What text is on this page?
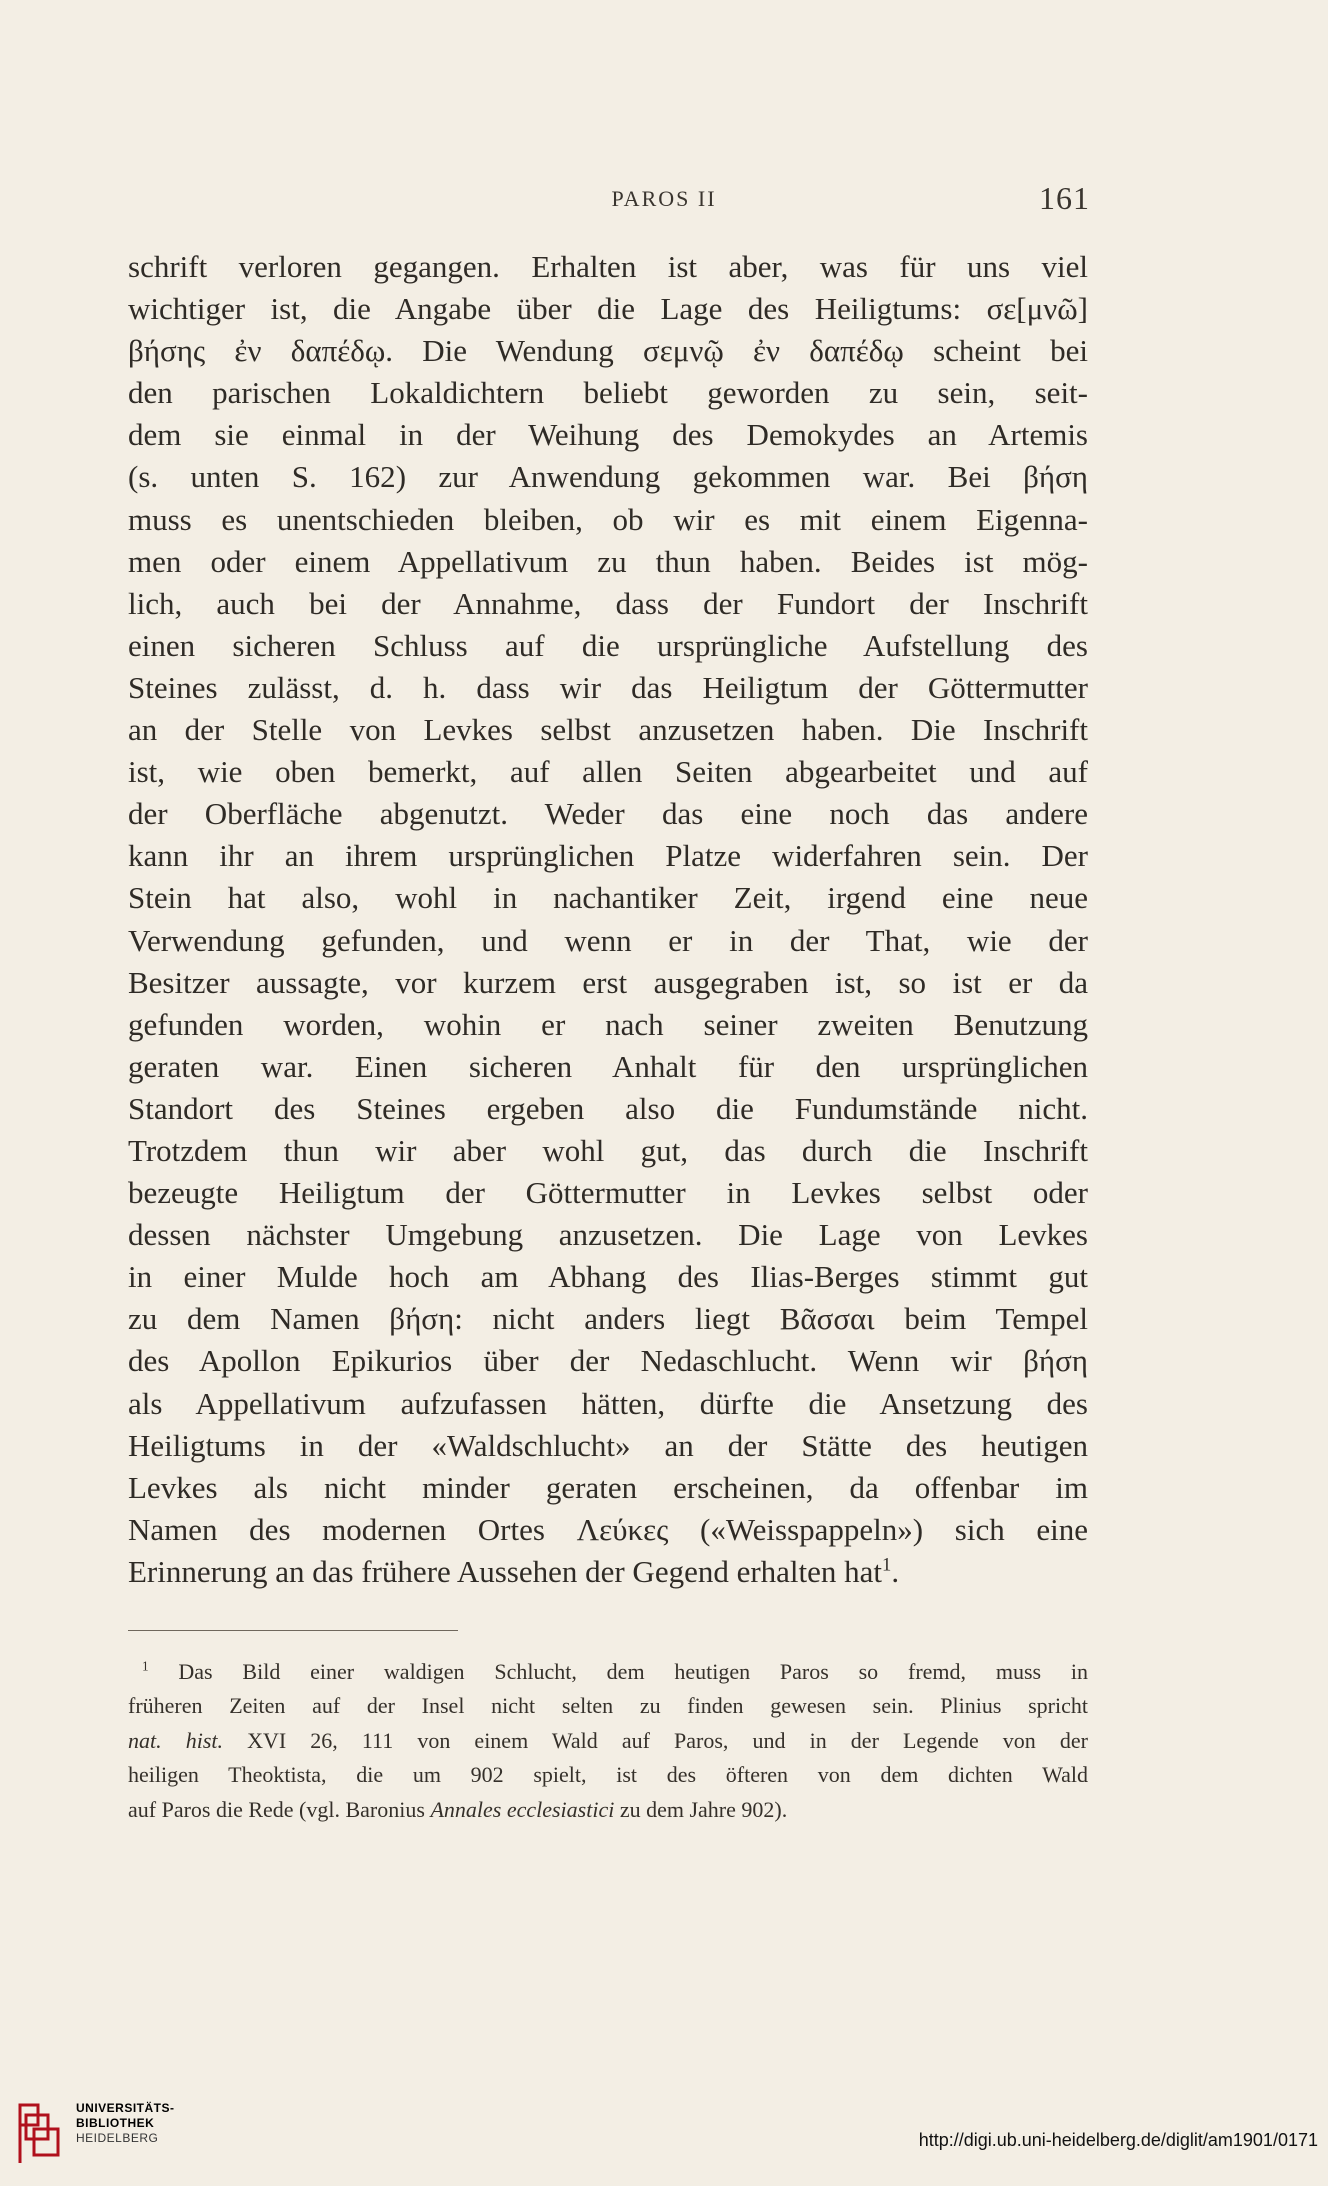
PAROS II	161
schrift verloren gegangen. Erhalten ist aber, was für uns viel
wichtiger ist, die Angabe über die Lage des Heiligtums: σε[μνῶ]
βήσης ἐν δαπέδῳ. Die Wendung σεμνῷ ἐν δαπέδῳ scheint bei
den parischen Lokaldichtern beliebt geworden zu sein, seit-
dem sie einmal in der Weihung des Demokydes an Artemis
(s. unten S. 162) zur Anwendung gekommen war. Bei βήση
muss es unentschieden bleiben, ob wir es mit einem Eigenna-
men oder einem Appellativum zu thun haben. Beides ist mög-
lich, auch bei der Annahme, dass der Fundort der Inschrift
einen sicheren Schluss auf die ursprüngliche Aufstellung des
Steines zulässt, d. h. dass wir das Heiligtum der Göttermutter
an der Stelle von Levkes selbst anzusetzen haben. Die Inschrift
ist, wie oben bemerkt, auf allen Seiten abgearbeitet und auf
der Oberfläche abgenutzt. Weder das eine noch das andere
kann ihr an ihrem ursprünglichen Platze widerfahren sein. Der
Stein hat also, wohl in nachantiker Zeit, irgend eine neue
Verwendung gefunden, und wenn er in der That, wie der
Besitzer aussagte, vor kurzem erst ausgegraben ist, so ist er da
gefunden worden, wohin er nach seiner zweiten Benutzung
geraten war. Einen sicheren Anhalt für den ursprünglichen
Standort des Steines ergeben also die Fundumstände nicht.
Trotzdem thun wir aber wohl gut, das durch die Inschrift
bezeugte Heiligtum der Göttermutter in Levkes selbst oder
dessen nächster Umgebung anzusetzen. Die Lage von Levkes
in einer Mulde hoch am Abhang des Ilias-Berges stimmt gut
zu dem Namen βήση: nicht anders liegt Βᾶσσαι beim Tempel
des Apollon Epikurios über der Nedaschlucht. Wenn wir βήση
als Appellativum aufzufassen hätten, dürfte die Ansetzung des
Heiligtums in der «Waldschlucht» an der Stätte des heutigen
Levkes als nicht minder geraten erscheinen, da offenbar im
Namen des modernen Ortes Λεύκες («Weisspappeln») sich eine
Erinnerung an das frühere Aussehen der Gegend erhalten hat$^1$.
$^1$ Das Bild einer waldigen Schlucht, dem heutigen Paros so fremd, muss in
früheren Zeiten auf der Insel nicht selten zu finden gewesen sein. Plinius spricht
nat. hist. XVI 26, 111 von einem Wald auf Paros, und in der Legende von der
heiligen Theoktista, die um 902 spielt, ist des öfteren von dem dichten Wald
auf Paros die Rede (vgl. Baronius Annales ecclesiastici zu dem Jahre 902).
UNIVERSITÄTS-
BIBLIOTHEK
HEIDELBERG	http://digi.ub.uni-heidelberg.de/diglit/am1901/0171
